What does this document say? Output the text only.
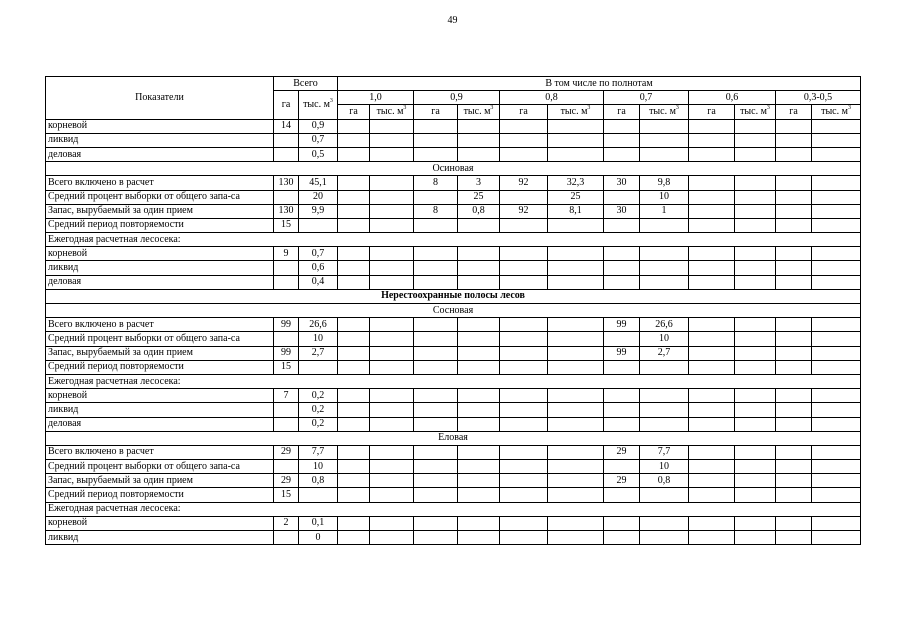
49
Показатели	Всего		В том числе по полнотам											
	га	тыс. $м^3$	1,0		0,9		0,8		0,7		0,6		0,3-0,5	
			га	тыс. $м^3$	га	тыс. $м^3$	га	тыс. $м^3$	га	тыс. $м^3$	га	тыс. $м^3$	га	тыс. $м^3$
корневой	14	0,9												
ликвид		0,7												
деловая		0,5												
Осиновая														
Всего включено в расчет	130	45,1			8	3	92	32,3	30	9,8				
Средний процент выборки от общего запа-са		20				25		25		10				
Запас, вырубаемый за один прием	130	9,9			8	0,8	92	8,1	30	1				
Средний период повторяемости	15													
Ежегодная расчетная лесосека:														
корневой	9	0,7												
ликвид		0,6												
деловая		0,4												
Нерестоохранные полосы лесов														
Сосновая														
Всего включено в расчет	99	26,6							99	26,6				
Средний процент выборки от общего запа-са		10								10				
Запас, вырубаемый за один прием	99	2,7							99	2,7				
Средний период повторяемости	15													
Ежегодная расчетная лесосека:														
корневой	7	0,2												
ликвид		0,2												
деловая		0,2												
Еловая														
Всего включено в расчет	29	7,7							29	7,7				
Средний процент выборки от общего запа-са		10								10				
Запас, вырубаемый за один прием	29	0,8							29	0,8				
Средний период повторяемости	15													
Ежегодная расчетная лесосека:														
корневой	2	0,1												
ликвид		0												
